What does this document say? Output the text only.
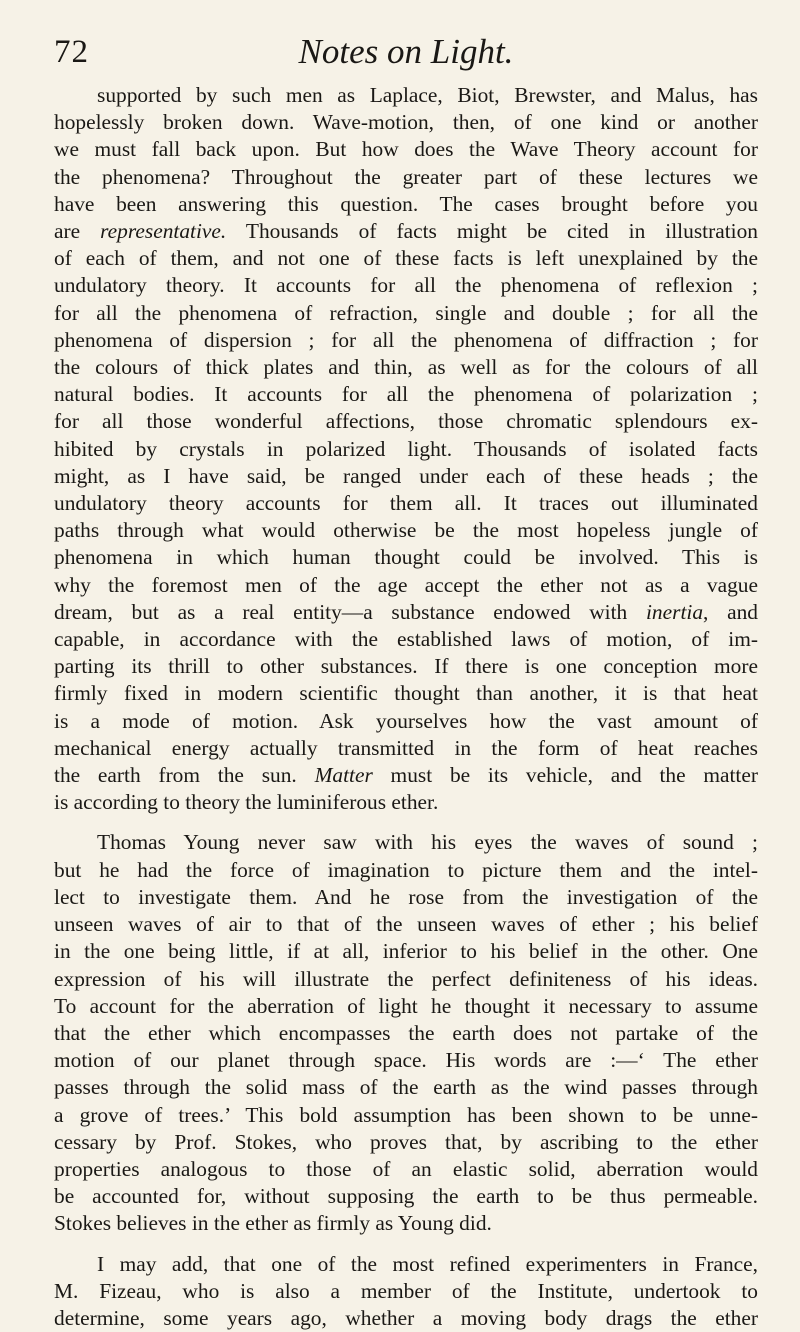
72	Notes on Light.

supported by such men as Laplace, Biot, Brewster, and Malus, has
hopelessly broken down. Wave-motion, then, of one kind or another
we must fall back upon. But how does the Wave Theory account for
the phenomena? Throughout the greater part of these lectures we
have been answering this question. The cases brought before you
are representative. Thousands of facts might be cited in illustration
of each of them, and not one of these facts is left unexplained by the
undulatory theory. It accounts for all the phenomena of reflexion ;
for all the phenomena of refraction, single and double ; for all the
phenomena of dispersion ; for all the phenomena of diffraction ; for
the colours of thick plates and thin, as well as for the colours of all
natural bodies. It accounts for all the phenomena of polarization ;
for all those wonderful affections, those chromatic splendours ex-
hibited by crystals in polarized light. Thousands of isolated facts
might, as I have said, be ranged under each of these heads ; the
undulatory theory accounts for them all. It traces out illuminated
paths through what would otherwise be the most hopeless jungle of
phenomena in which human thought could be involved. This is
why the foremost men of the age accept the ether not as a vague
dream, but as a real entity—a substance endowed with inertia, and
capable, in accordance with the established laws of motion, of im-
parting its thrill to other substances. If there is one conception more
firmly fixed in modern scientific thought than another, it is that heat
is a mode of motion. Ask yourselves how the vast amount of
mechanical energy actually transmitted in the form of heat reaches
the earth from the sun. Matter must be its vehicle, and the matter
is according to theory the luminiferous ether.

Thomas Young never saw with his eyes the waves of sound ;
but he had the force of imagination to picture them and the intel-
lect to investigate them. And he rose from the investigation of the
unseen waves of air to that of the unseen waves of ether ; his belief
in the one being little, if at all, inferior to his belief in the other. One
expression of his will illustrate the perfect definiteness of his ideas.
To account for the aberration of light he thought it necessary to assume
that the ether which encompasses the earth does not partake of the
motion of our planet through space. His words are :—‘ The ether
passes through the solid mass of the earth as the wind passes through
a grove of trees.’ This bold assumption has been shown to be unne-
cessary by Prof. Stokes, who proves that, by ascribing to the ether
properties analogous to those of an elastic solid, aberration would
be accounted for, without supposing the earth to be thus permeable.
Stokes believes in the ether as firmly as Young did.

I may add, that one of the most refined experimenters in France,
M. Fizeau, who is also a member of the Institute, undertook to
determine, some years ago, whether a moving body drags the ether
